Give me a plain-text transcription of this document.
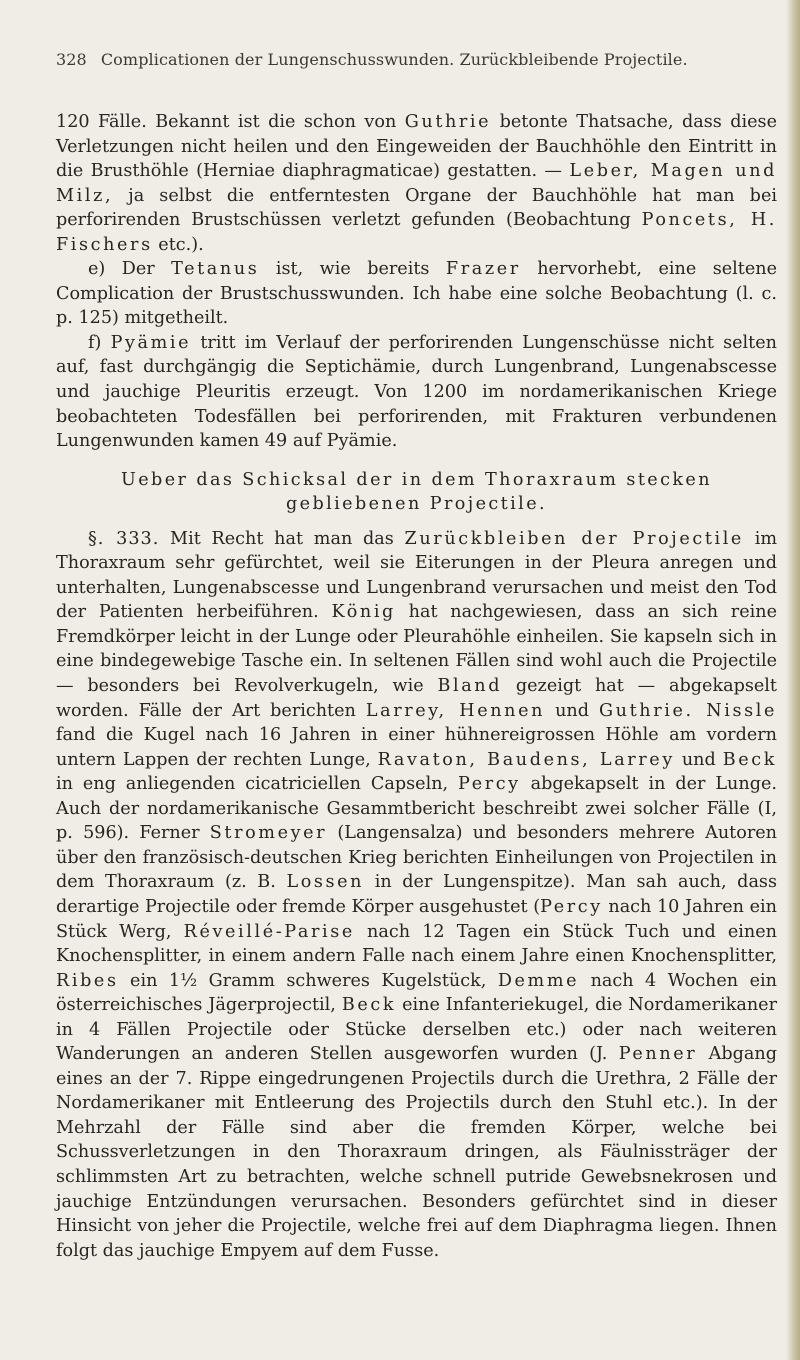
328 Complicationen der Lungenschusswunden. Zurückbleibende Projectile.

120 Fälle. Bekannt ist die schon von Guthrie betonte Thatsache, dass diese Verletzungen nicht heilen und den Eingeweiden der Bauchhöhle den Eintritt in die Brusthöhle (Herniae diaphragmaticae) gestatten. — Leber, Magen und Milz, ja selbst die entferntesten Organe der Bauchhöhle hat man bei perforirenden Brustschüssen verletzt gefunden (Beobachtung Poncets, H. Fischers etc.).

e) Der Tetanus ist, wie bereits Frazer hervorhebt, eine seltene Complication der Brustschusswunden. Ich habe eine solche Beobachtung (l. c. p. 125) mitgetheilt.

f) Pyämie tritt im Verlauf der perforirenden Lungenschüsse nicht selten auf, fast durchgängig die Septichämie, durch Lungenbrand, Lungenabscesse und jauchige Pleuritis erzeugt. Von 1200 im nordamerikanischen Kriege beobachteten Todesfällen bei perforirenden, mit Frakturen verbundenen Lungenwunden kamen 49 auf Pyämie.

Ueber das Schicksal der in dem Thoraxraum stecken
gebliebenen Projectile.

§. 333. Mit Recht hat man das Zurückbleiben der Projectile im Thoraxraum sehr gefürchtet, weil sie Eiterungen in der Pleura anregen und unterhalten, Lungenabscesse und Lungenbrand verursachen und meist den Tod der Patienten herbeiführen. König hat nachgewiesen, dass an sich reine Fremdkörper leicht in der Lunge oder Pleurahöhle einheilen. Sie kapseln sich in eine bindegewebige Tasche ein. In seltenen Fällen sind wohl auch die Projectile — besonders bei Revolverkugeln, wie Bland gezeigt hat — abgekapselt worden. Fälle der Art berichten Larrey, Hennen und Guthrie. Nissle fand die Kugel nach 16 Jahren in einer hühnereigrossen Höhle am vordern untern Lappen der rechten Lunge, Ravaton, Baudens, Larrey und Beck in eng anliegenden cicatriciellen Capseln, Percy abgekapselt in der Lunge. Auch der nordamerikanische Gesammtbericht beschreibt zwei solcher Fälle (I, p. 596). Ferner Stromeyer (Langensalza) und besonders mehrere Autoren über den französisch-deutschen Krieg berichten Einheilungen von Projectilen in dem Thoraxraum (z. B. Lossen in der Lungenspitze). Man sah auch, dass derartige Projectile oder fremde Körper ausgehustet (Percy nach 10 Jahren ein Stück Werg, Réveillé-Parise nach 12 Tagen ein Stück Tuch und einen Knochensplitter, in einem andern Falle nach einem Jahre einen Knochensplitter, Ribes ein 1½ Gramm schweres Kugelstück, Demme nach 4 Wochen ein österreichisches Jägerprojectil, Beck eine Infanteriekugel, die Nordamerikaner in 4 Fällen Projectile oder Stücke derselben etc.) oder nach weiteren Wanderungen an anderen Stellen ausgeworfen wurden (J. Penner Abgang eines an der 7. Rippe eingedrungenen Projectils durch die Urethra, 2 Fälle der Nordamerikaner mit Entleerung des Projectils durch den Stuhl etc.). In der Mehrzahl der Fälle sind aber die fremden Körper, welche bei Schussverletzungen in den Thoraxraum dringen, als Fäulnissträger der schlimmsten Art zu betrachten, welche schnell putride Gewebsnekrosen und jauchige Entzündungen verursachen. Besonders gefürchtet sind in dieser Hinsicht von jeher die Projectile, welche frei auf dem Diaphragma liegen. Ihnen folgt das jauchige Empyem auf dem Fusse.
